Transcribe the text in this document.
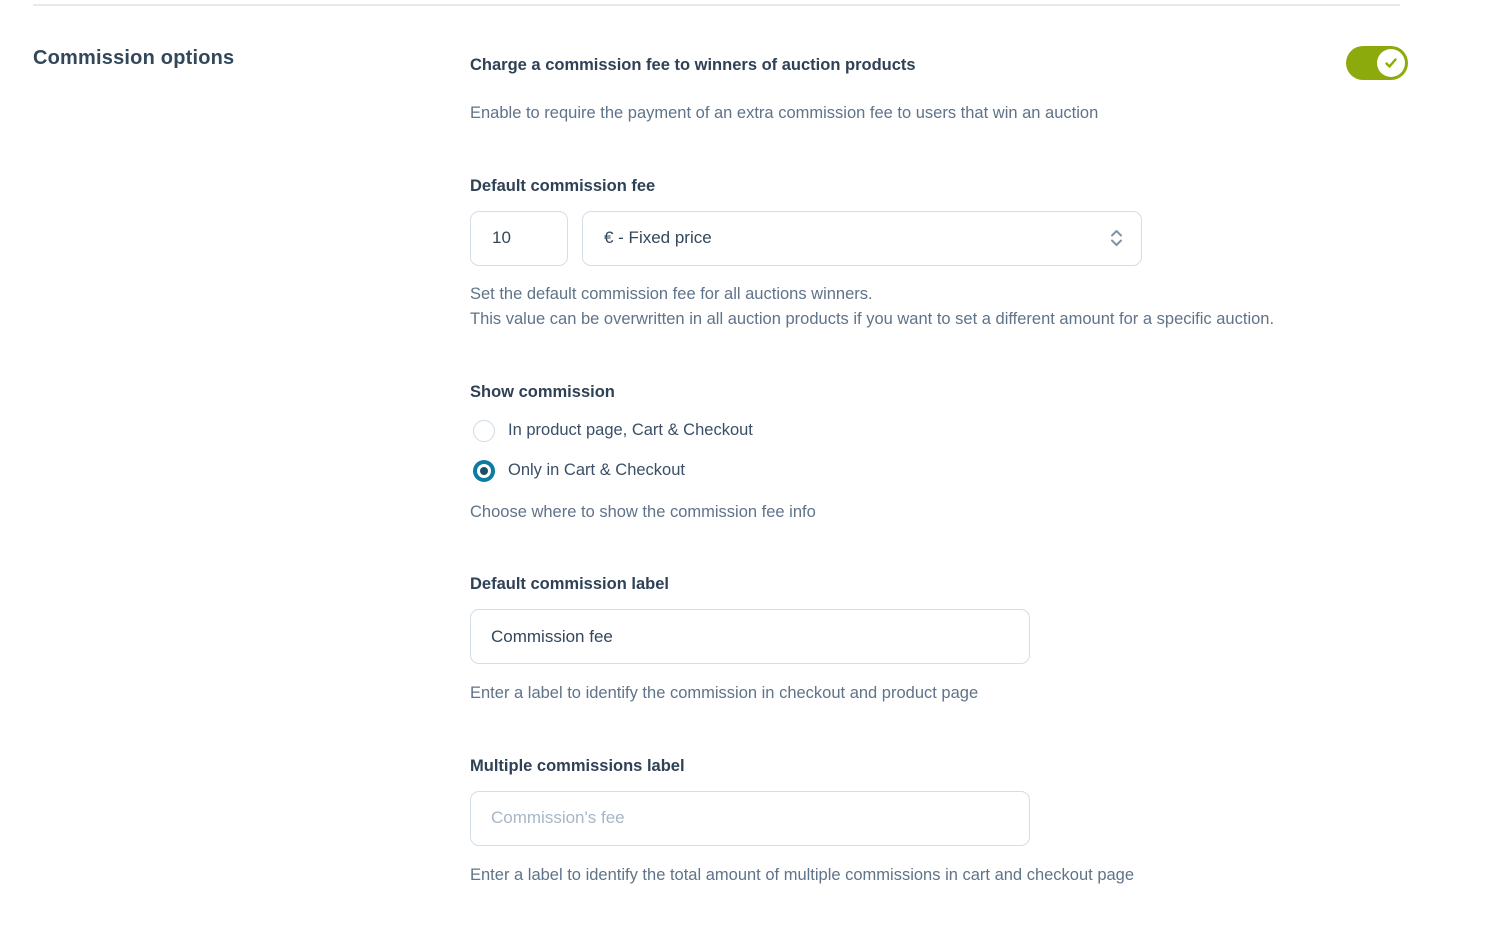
Commission options	Charge a commission fee to winners of auction products
Enable to require the payment of an extra commission fee to users that win an auction
Default commission fee
10
€ - Fixed price
Set the default commission fee for all auctions winners.
This value can be overwritten in all auction products if you want to set a different amount for a specific auction.
Show commission
In product page, Cart & Checkout
Only in Cart & Checkout
Choose where to show the commission fee info
Default commission label
Commission fee
Enter a label to identify the commission in checkout and product page
Multiple commissions label
Commission's fee
Enter a label to identify the total amount of multiple commissions in cart and checkout page
